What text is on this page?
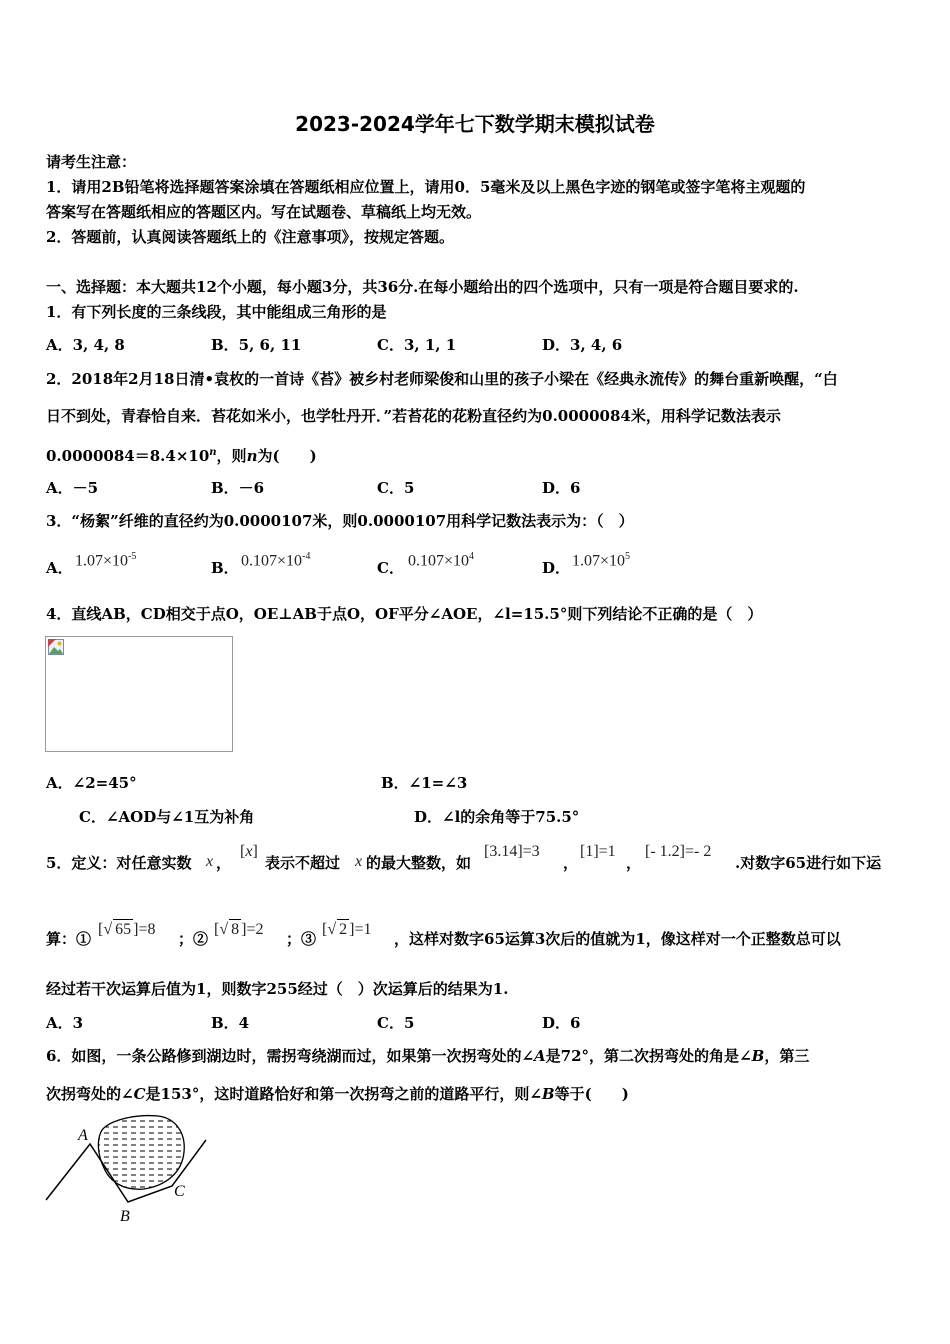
2023-2024学年七下数学期末模拟试卷
请考生注意：
1．请用2B铅笔将选择题答案涂填在答题纸相应位置上，请用0．5毫米及以上黑色字迹的钢笔或签字笔将主观题的
答案写在答题纸相应的答题区内。写在试题卷、草稿纸上均无效。
2．答题前，认真阅读答题纸上的《注意事项》，按规定答题。
一、选择题：本大题共12个小题，每小题3分，共36分.在每小题给出的四个选项中，只有一项是符合题目要求的.
1．有下列长度的三条线段，其中能组成三角形的是
A．3, 4, 8	B．5, 6, 11	C．3, 1, 1	D．3, 4, 6
2．2018年2月18日清•袁枚的一首诗《苔》被乡村老师梁俊和山里的孩子小梁在《经典永流传》的舞台重新唤醒，“白
日不到处，青春恰自来．苔花如米小，也学牡丹开．”若苔花的花粉直径约为0.0000084米，用科学记数法表示
$0.0000084=8.4\times 10^n$，则n为(　　)
A．－5	B．－6	C．5	D．6
3．“杨絮”纤维的直径约为0.0000107米，则0.0000107用科学记数法表示为：（　）
A． $1.07\times 10^{-5}$
B． $0.107\times 10^{-4}$
C． $0.107\times 10^4$
D． $1.07\times 10^5$
4．直线AB，CD相交于点O，OE⊥AB于点O，OF平分∠AOE，∠l=15.5°则下列结论不正确的是（　）
A．∠2=45°	B．∠1=∠3
C．∠AOD与∠1互为补角	D．∠l的余角等于75.5°
5．定义：对任意实数 x ，
[x]
表示不超过 x 的最大整数，如
[3.14]=3
，
[1]=1
，
[- 1.2]=- 2
.对数字65进行如下运
算：①
[√ 65 ]=8
；②
[√ 8 ]=2
；③
[√ 2 ]=1
，这样对数字65运算3次后的值就为1，像这样对一个正整数总可以
经过若干次运算后值为1，则数字255经过（　）次运算后的结果为1.
A．3	B．4	C．5	D．6
6．如图，一条公路修到湖边时，需拐弯绕湖而过，如果第一次拐弯处的∠A是72°，第二次拐弯处的角是∠B，第三
次拐弯处的∠C是153°，这时道路恰好和第一次拐弯之前的道路平行，则∠B等于(　　)
A
B
C
